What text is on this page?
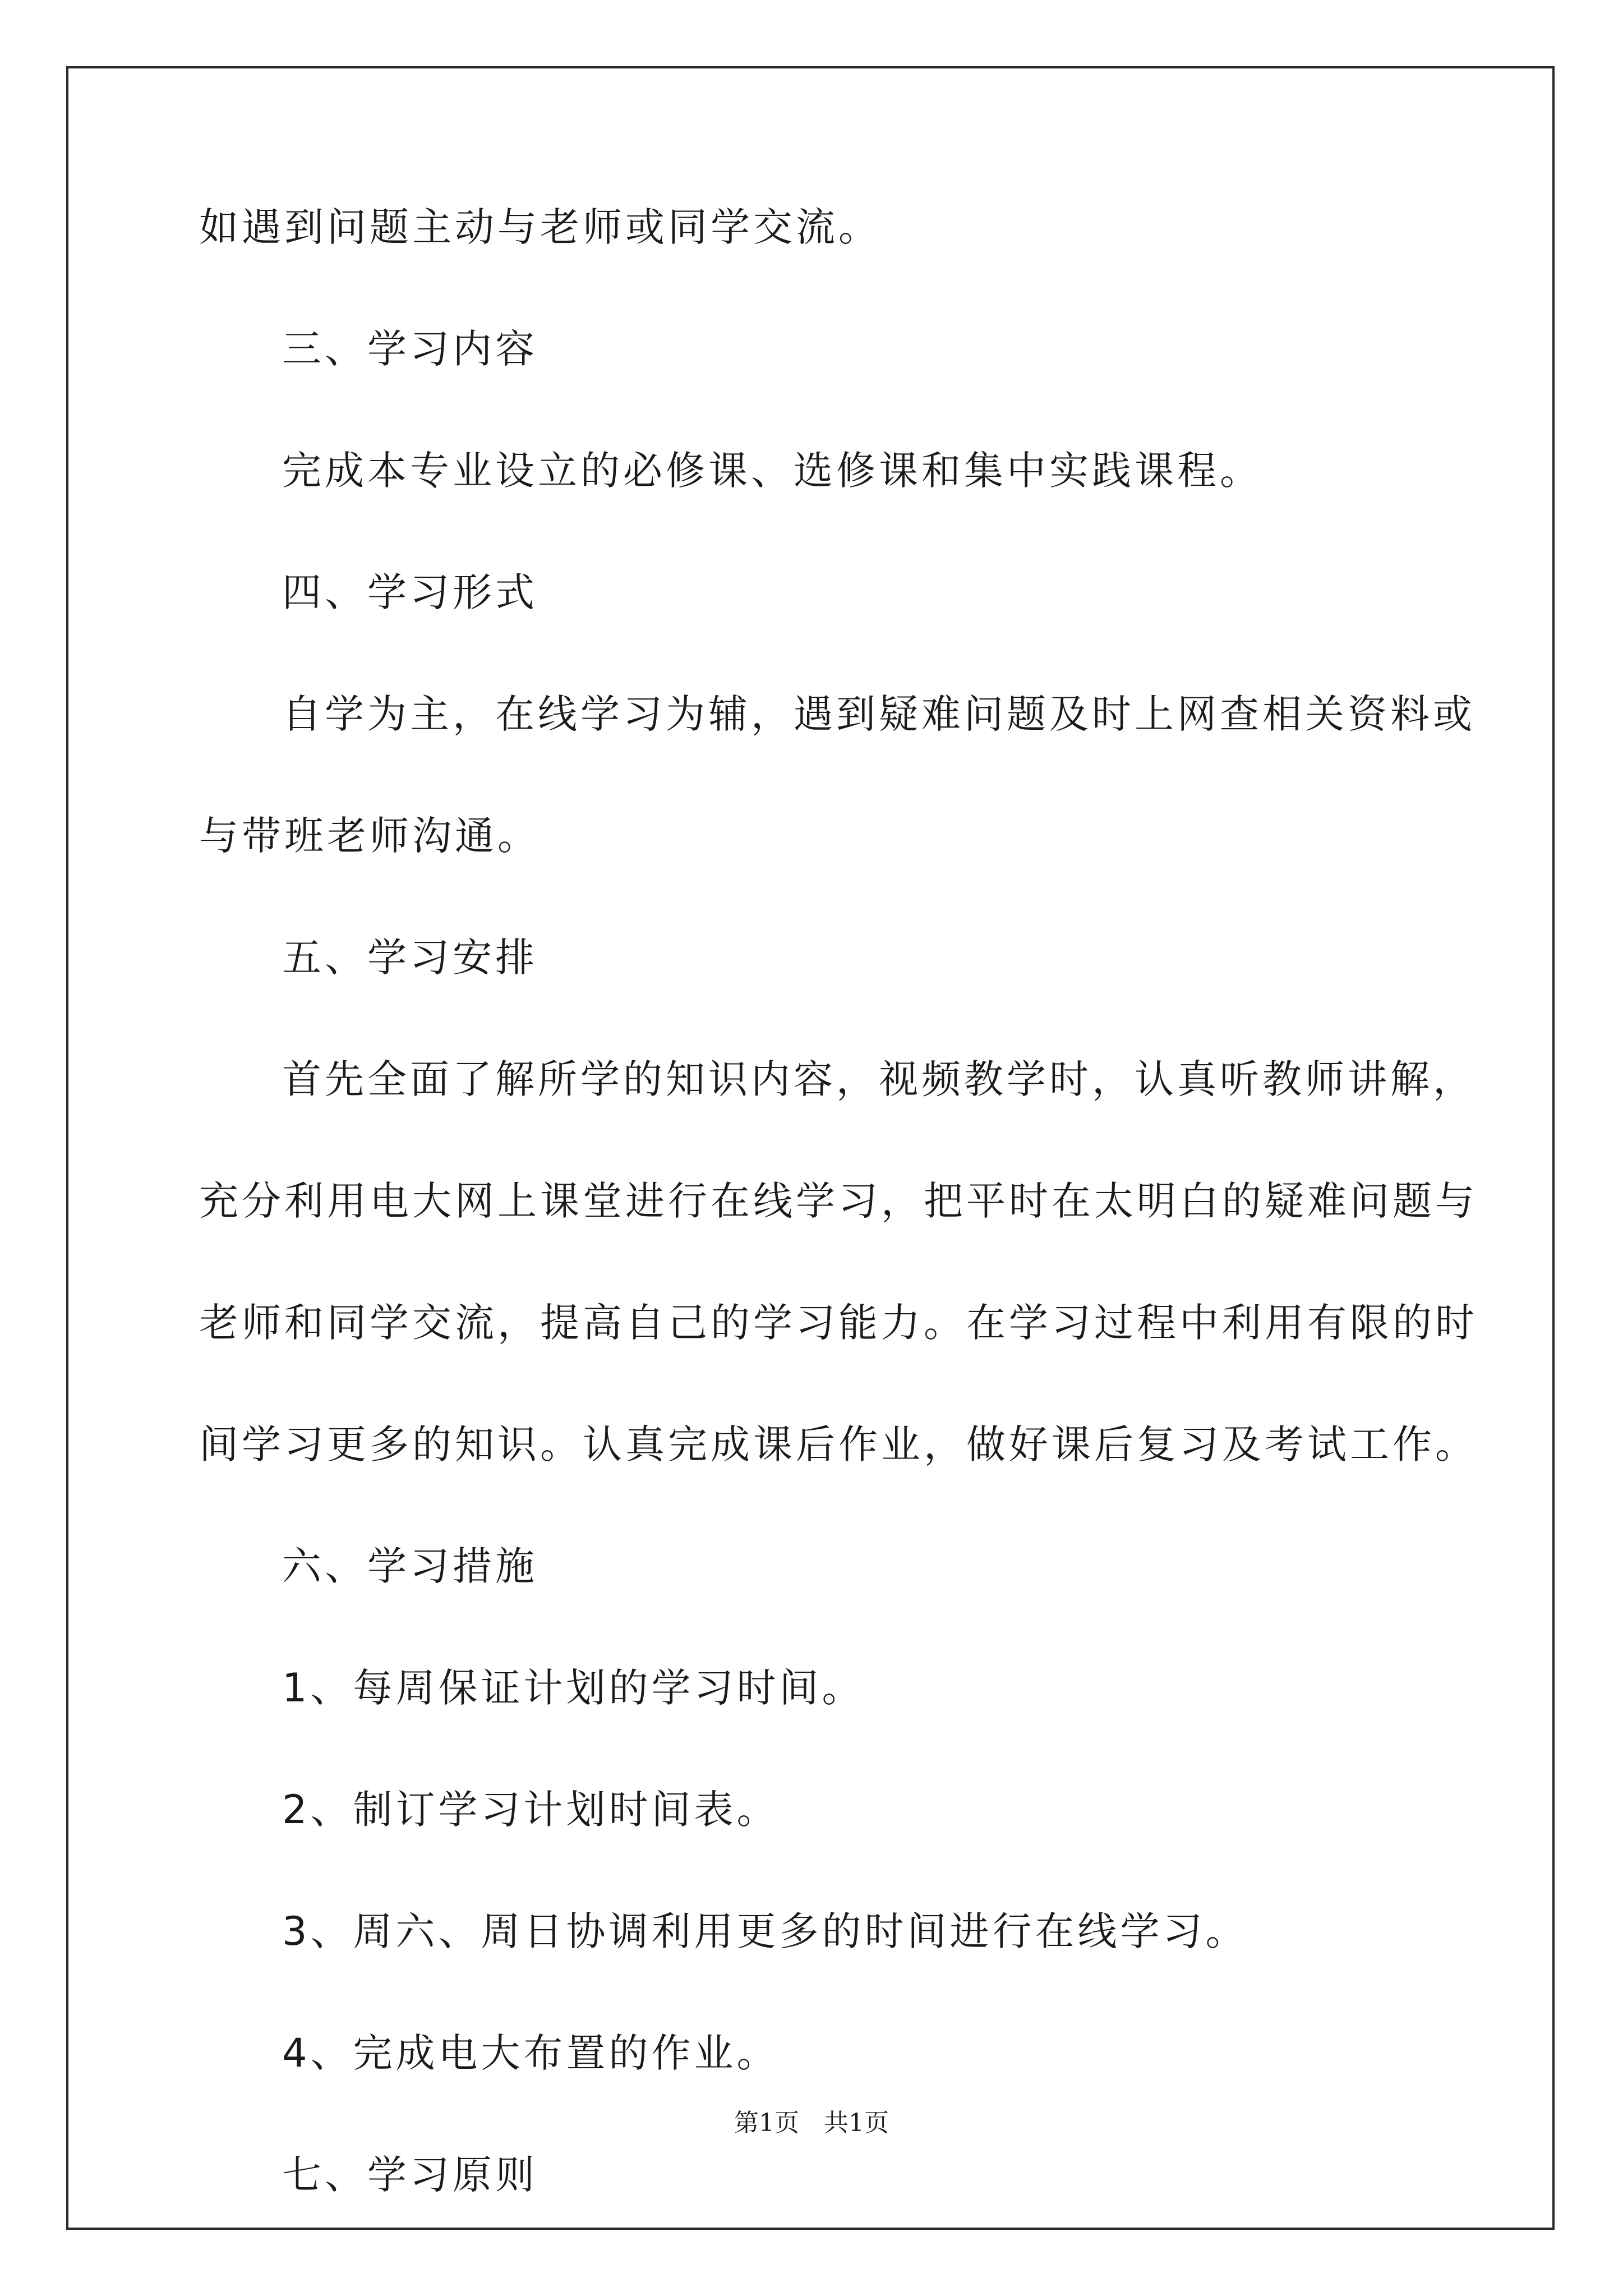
如遇到问题主动与老师或同学交流。

三、学习内容

完成本专业设立的必修课、选修课和集中实践课程。

四、学习形式

自学为主，在线学习为辅，遇到疑难问题及时上网查相关资料或

与带班老师沟通。

五、学习安排

首先全面了解所学的知识内容，视频教学时，认真听教师讲解，

充分利用电大网上课堂进行在线学习，把平时在太明白的疑难问题与

老师和同学交流，提高自己的学习能力。在学习过程中利用有限的时

间学习更多的知识。认真完成课后作业，做好课后复习及考试工作。

六、学习措施

1、每周保证计划的学习时间。

2、制订学习计划时间表。

3、周六、周日协调利用更多的时间进行在线学习。

4、完成电大布置的作业。

七、学习原则

第1页 共1页
